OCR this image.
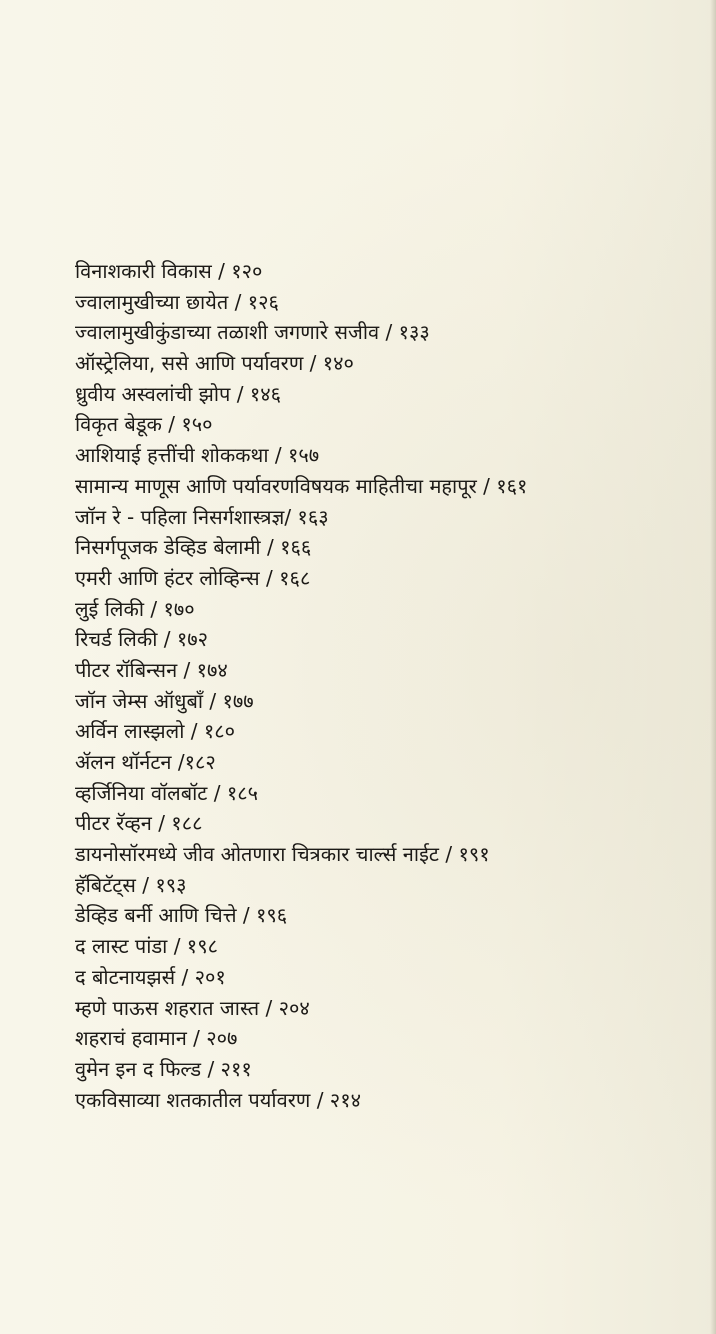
विनाशकारी विकास / १२०
ज्वालामुखीच्या छायेत / १२६
ज्वालामुखीकुंडाच्या तळाशी जगणारे सजीव / १३३
ऑस्ट्रेलिया, ससे आणि पर्यावरण / १४०
ध्रुवीय अस्वलांची झोप / १४६
विकृत बेडूक / १५०
आशियाई हत्तींची शोककथा / १५७
सामान्य माणूस आणि पर्यावरणविषयक माहितीचा महापूर / १६१
जॉन रे - पहिला निसर्गशास्त्रज्ञ/ १६३
निसर्गपूजक डेव्हिड बेलामी / १६६
एमरी आणि हंटर लोव्हिन्स / १६८
लुई लिकी / १७०
रिचर्ड लिकी / १७२
पीटर रॉबिन्सन / १७४
जॉन जेम्स ऑधुबाँ / १७७
अर्विन लास्झलो / १८०
ॲलन थॉर्नटन /१८२
व्हर्जिनिया वॉलबॉट / १८५
पीटर रॅव्हन / १८८
डायनोसॉरमध्ये जीव ओतणारा चित्रकार चार्ल्स नाईट / १९१
हॅबिटॅट्स / १९३
डेव्हिड बर्नी आणि चित्ते / १९६
द लास्ट पांडा / १९८
द बोटनायझर्स / २०१
म्हणे पाऊस शहरात जास्त / २०४
शहराचं हवामान / २०७
वुमेन इन द फिल्ड / २११
एकविसाव्या शतकातील पर्यावरण / २१४
